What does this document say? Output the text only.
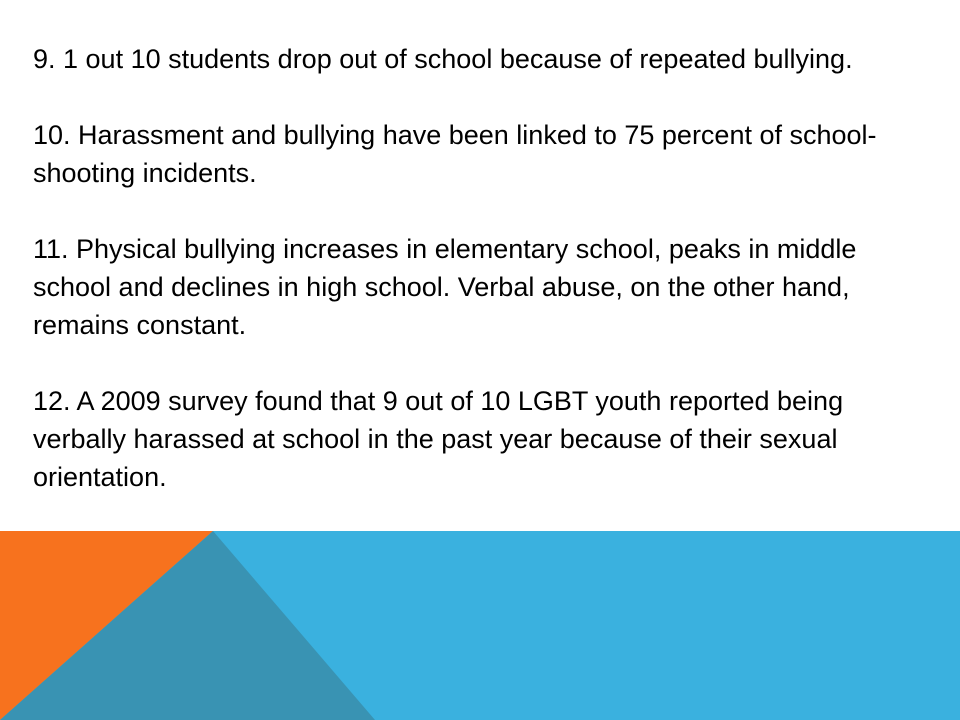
9. 1 out 10 students drop out of school because of repeated bullying.

10. Harassment and bullying have been linked to 75 percent of school-shooting incidents.

11. Physical bullying increases in elementary school, peaks in middle school and declines in high school. Verbal abuse, on the other hand, remains constant.

12. A 2009 survey found that 9 out of 10 LGBT youth reported being verbally harassed at school in the past year because of their sexual orientation.
